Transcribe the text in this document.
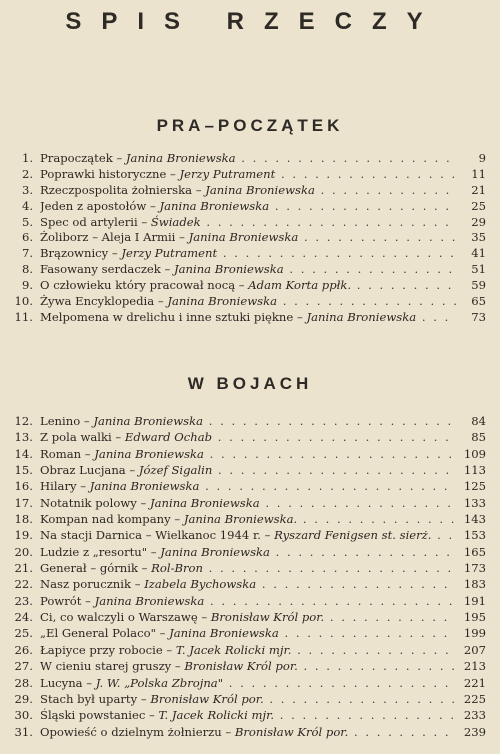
SPIS RZECZY
PRA–POCZĄTEK
1. Prapoczątek – Janina Broniewska . . .	9
2. Poprawki historyczne – Jerzy Putrament . . .	11
3. Rzeczpospolita żołnierska – Janina Broniewska . . .	21
4. Jeden z apostołów – Janina Broniewska . . .	25
5. Spec od artylerii – Świadek . . .	29
6. Żoliborz – Aleja I Armii – Janina Broniewska . . .	35
7. Brązownicy – Jerzy Putrament . . .	41
8. Fasowany serdaczek – Janina Broniewska . . .	51
9. O człowieku który pracował nocą – Adam Korta ppłk. . . .	59
10. Żywa Encyklopedia – Janina Broniewska . . .	65
11. Melpomena w drelichu i inne sztuki piękne – Janina Broniewska . . .	73
W BOJACH
12. Lenino – Janina Broniewska . . .	84
13. Z pola walki – Edward Ochab . . .	85
14. Roman – Janina Broniewska . . .	109
15. Obraz Lucjana – Józef Sigalin . . .	113
16. Hilary – Janina Broniewska . . .	125
17. Notatnik polowy – Janina Broniewska . . .	133
18. Kompan nad kompany – Janina Broniewska. . . .	143
19. Na stacji Darnica – Wielkanoc 1944 r. – Ryszard Fenigsen st. sierż. . . .	153
20. Ludzie z „resortu" – Janina Broniewska . . .	165
21. Generał – górnik – Rol-Bron . . .	173
22. Nasz porucznik – Izabela Bychowska . . .	183
23. Powrót – Janina Broniewska . . .	191
24. Ci, co walczyli o Warszawę – Bronisław Król por. . . .	195
25. „El General Polaco" – Janina Broniewska . . .	199
26. Łapiyce przy robocie – T. Jacek Rolicki mjr. . . .	207
27. W cieniu starej gruszy – Bronisław Król por. . . .	213
28. Lucyna – J. W. „Polska Zbrojna" . . .	221
29. Stach był uparty – Bronisław Król por. . . .	225
30. Śląski powstaniec – T. Jacek Rolicki mjr. . . .	233
31. Opowieść o dzielnym żołnierzu – Bronisław Król por. . . .	239
